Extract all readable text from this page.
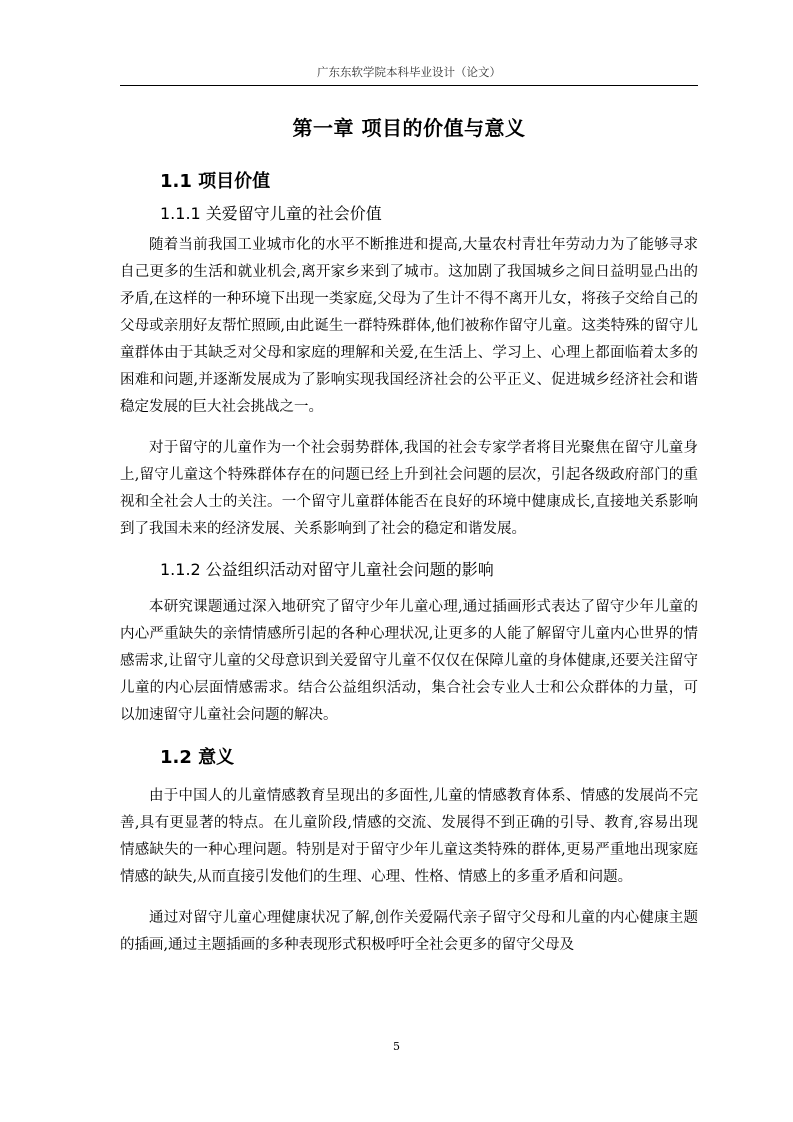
广东东软学院本科毕业设计（论文）
第一章 项目的价值与意义
1.1 项目价值
1.1.1 关爱留守儿童的社会价值

随着当前我国工业城市化的水平不断推进和提高,大量农村青壮年劳动力为了能够寻求自己更多的生活和就业机会,离开家乡来到了城市。这加剧了我国城乡之间日益明显凸出的矛盾,在这样的一种环境下出现一类家庭,父母为了生计不得不离开儿女，将孩子交给自己的父母或亲朋好友帮忙照顾,由此诞生一群特殊群体,他们被称作留守儿童。这类特殊的留守儿童群体由于其缺乏对父母和家庭的理解和关爱,在生活上、学习上、心理上都面临着太多的困难和问题,并逐渐发展成为了影响实现我国经济社会的公平正义、促进城乡经济社会和谐稳定发展的巨大社会挑战之一。

对于留守的儿童作为一个社会弱势群体,我国的社会专家学者将目光聚焦在留守儿童身上,留守儿童这个特殊群体存在的问题已经上升到社会问题的层次，引起各级政府部门的重视和全社会人士的关注。一个留守儿童群体能否在良好的环境中健康成长,直接地关系影响到了我国未来的经济发展、关系影响到了社会的稳定和谐发展。

1.1.2 公益组织活动对留守儿童社会问题的影响

本研究课题通过深入地研究了留守少年儿童心理,通过插画形式表达了留守少年儿童的内心严重缺失的亲情情感所引起的各种心理状况,让更多的人能了解留守儿童内心世界的情感需求,让留守儿童的父母意识到关爱留守儿童不仅仅在保障儿童的身体健康,还要关注留守儿童的内心层面情感需求。结合公益组织活动，集合社会专业人士和公众群体的力量，可以加速留守儿童社会问题的解决。

1.2 意义

由于中国人的儿童情感教育呈现出的多面性,儿童的情感教育体系、情感的发展尚不完善,具有更显著的特点。在儿童阶段,情感的交流、发展得不到正确的引导、教育,容易出现情感缺失的一种心理问题。特别是对于留守少年儿童这类特殊的群体,更易严重地出现家庭情感的缺失,从而直接引发他们的生理、心理、性格、情感上的多重矛盾和问题。

通过对留守儿童心理健康状况了解,创作关爱隔代亲子留守父母和儿童的内心健康主题的插画,通过主题插画的多种表现形式积极呼吁全社会更多的留守父母及

5
